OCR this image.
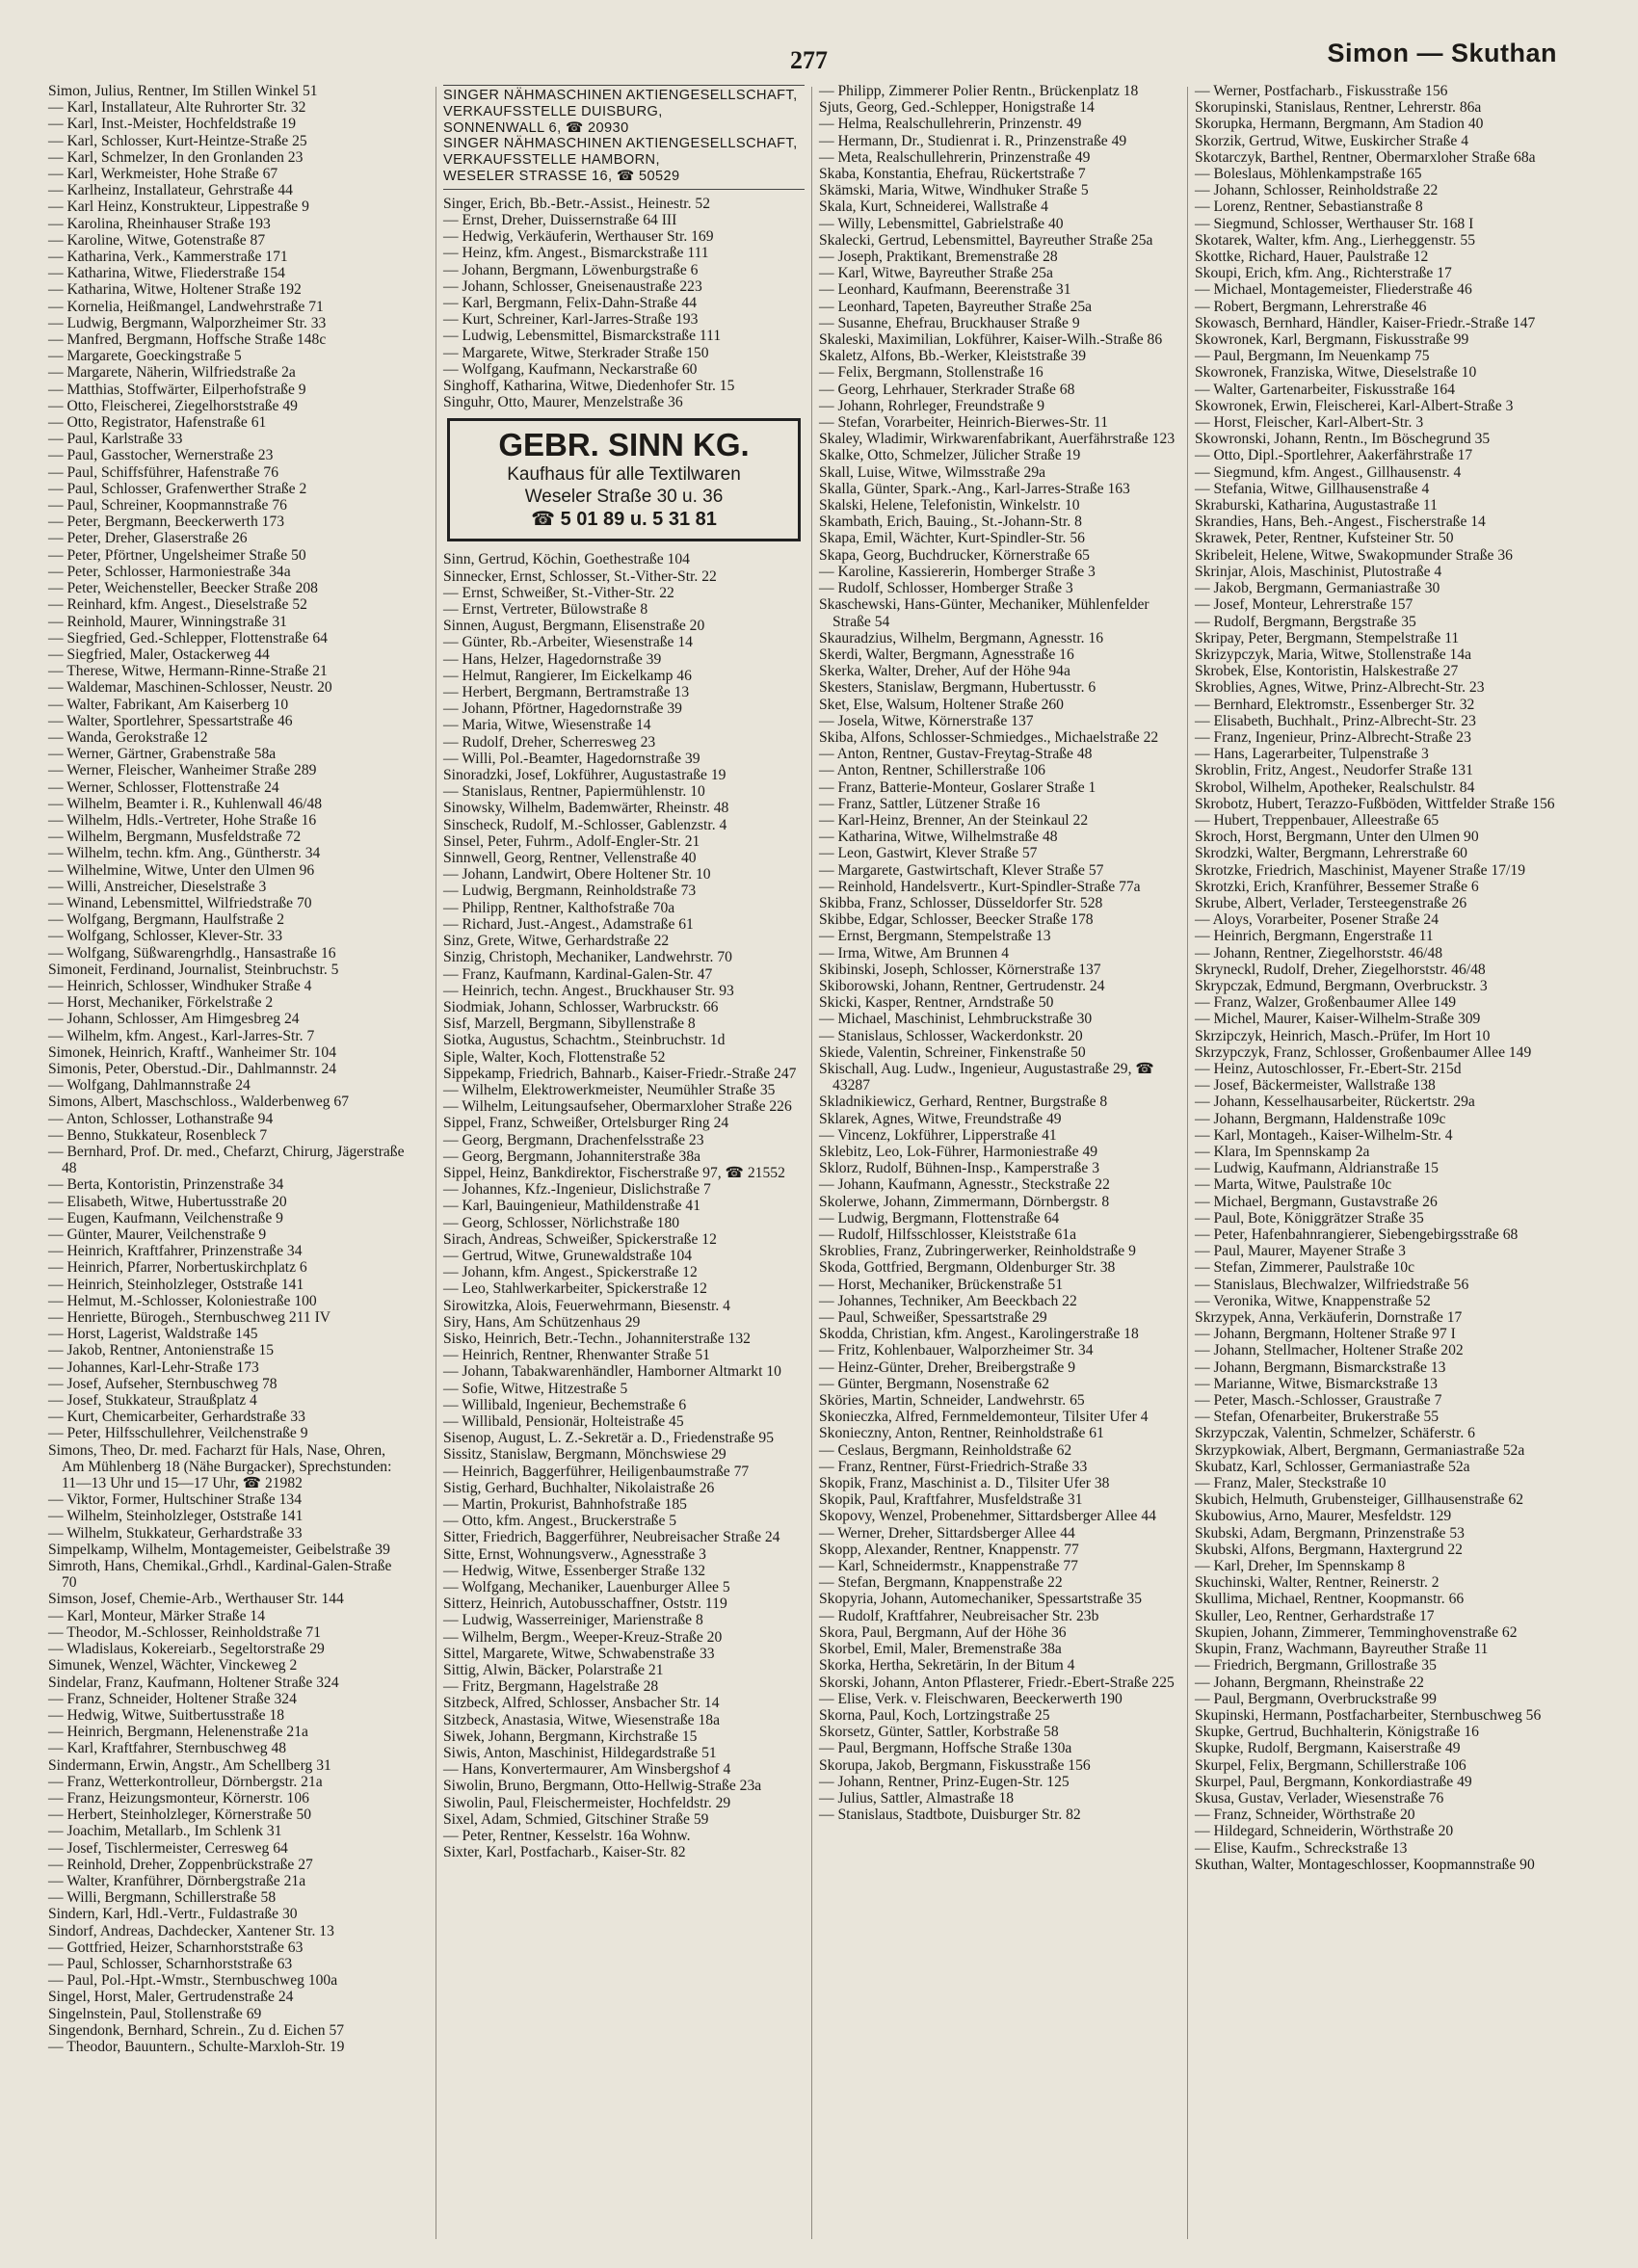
277	Simon — Skuthan
Simon, Julius, Rentner, Im Stillen Winkel 51
— Karl, Installateur, Alte Ruhrorter Str. 32
— Karl, Inst.-Meister, Hochfeldstraße 19
— Karl, Schlosser, Kurt-Heintze-Straße 25
— Karl, Schmelzer, In den Gronlanden 23
— Karl, Werkmeister, Hohe Straße 67
— Karlheinz, Installateur, Gehrstraße 44
— Karl Heinz, Konstrukteur, Lippestraße 9
— Karolina, Rheinhauser Straße 193
— Karoline, Witwe, Gotenstraße 87
— Katharina, Verk., Kammerstraße 171
— Katharina, Witwe, Fliederstraße 154
— Katharina, Witwe, Holtener Straße 192
— Kornelia, Heißmangel, Landwehrstraße 71
— Ludwig, Bergmann, Walporzheimer Str. 33
— Manfred, Bergmann, Hoffsche Straße 148c
— Margarete, Goeckingstraße 5
— Margarete, Näherin, Wilfriedstraße 2a
— Matthias, Stoffwärter, Eilperhofstraße 9
— Otto, Fleischerei, Ziegelhorststraße 49
— Otto, Registrator, Hafenstraße 61
— Paul, Karlstraße 33
— Paul, Gasstocher, Wernerstraße 23
— Paul, Schiffsführer, Hafenstraße 76
— Paul, Schlosser, Grafenwerther Straße 2
— Paul, Schreiner, Koopmannstraße 76
— Peter, Bergmann, Beeckerwerth 173
— Peter, Dreher, Glaserstraße 26
— Peter, Pförtner, Ungelsheimer Straße 50
— Peter, Schlosser, Harmoniestraße 34a
— Peter, Weichensteller, Beecker Straße 208
— Reinhard, kfm. Angest., Dieselstraße 52
— Reinhold, Maurer, Winningstraße 31
— Siegfried, Ged.-Schlepper, Flottenstraße 64
— Siegfried, Maler, Ostackerweg 44
— Therese, Witwe, Hermann-Rinne-Straße 21
— Waldemar, Maschinen-Schlosser, Neustr. 20
— Walter, Fabrikant, Am Kaiserberg 10
— Walter, Sportlehrer, Spessartstraße 46
— Wanda, Gerokstraße 12
— Werner, Gärtner, Grabenstraße 58a
— Werner, Fleischer, Wanheimer Straße 289
— Werner, Schlosser, Flottenstraße 24
— Wilhelm, Beamter i. R., Kuhlenwall 46/48
— Wilhelm, Hdls.-Vertreter, Hohe Straße 16
— Wilhelm, Bergmann, Musfeldstraße 72
— Wilhelm, techn. kfm. Ang., Güntherstr. 34
— Wilhelmine, Witwe, Unter den Ulmen 96
— Willi, Anstreicher, Dieselstraße 3
— Winand, Lebensmittel, Wilfriedstraße 70
— Wolfgang, Bergmann, Haulfstraße 2
— Wolfgang, Schlosser, Klever-Str. 33
— Wolfgang, Süßwarengrhdlg., Hansastraße 16
Simoneit, Ferdinand, Journalist, Steinbruchstr. 5
— Heinrich, Schlosser, Windhuker Straße 4
— Horst, Mechaniker, Förkelstraße 2
— Johann, Schlosser, Am Himgesbreg 24
— Wilhelm, kfm. Angest., Karl-Jarres-Str. 7
Simonek, Heinrich, Kraftf., Wanheimer Str. 104
Simonis, Peter, Oberstud.-Dir., Dahlmannstr. 24
— Wolfgang, Dahlmannstraße 24
Simons, Albert, Maschschloss., Walderbenweg 67
— Anton, Schlosser, Lothanstraße 94
— Benno, Stukkateur, Rosenbleck 7
— Bernhard, Prof. Dr. med., Chefarzt, Chirurg, Jägerstraße 48
— Berta, Kontoristin, Prinzenstraße 34
— Elisabeth, Witwe, Hubertusstraße 20
— Eugen, Kaufmann, Veilchenstraße 9
— Günter, Maurer, Veilchenstraße 9
— Heinrich, Kraftfahrer, Prinzenstraße 34
— Heinrich, Pfarrer, Norbertuskirchplatz 6
— Heinrich, Steinholzleger, Oststraße 141
— Helmut, M.-Schlosser, Koloniestraße 100
— Henriette, Bürogeh., Sternbuschweg 211 IV
— Horst, Lagerist, Waldstraße 145
— Jakob, Rentner, Antonienstraße 15
— Johannes, Karl-Lehr-Straße 173
— Josef, Aufseher, Sternbuschweg 78
— Josef, Stukkateur, Straußplatz 4
— Kurt, Chemicarbeiter, Gerhardstraße 33
— Peter, Hilfsschullehrer, Veilchenstraße 9
Simons, Theo, Dr. med. Facharzt für Hals, Nase, Ohren, Am Mühlenberg 18 (Nähe Burgacker), Sprechstunden: 11—13 Uhr und 15—17 Uhr, ☎ 21982
— Viktor, Former, Hultschiner Straße 134
— Wilhelm, Steinholzleger, Oststraße 141
— Wilhelm, Stukkateur, Gerhardstraße 33
Simpelkamp, Wilhelm, Montagemeister, Geibelstraße 39
Simroth, Hans, Chemikal.,Grhdl., Kardinal-Galen-Straße 70
Simson, Josef, Chemie-Arb., Werthauser Str. 144
— Karl, Monteur, Märker Straße 14
— Theodor, M.-Schlosser, Reinholdstraße 71
— Wladislaus, Kokereiarb., Segeltorstraße 29
Simunek, Wenzel, Wächter, Vinckeweg 2
Sindelar, Franz, Kaufmann, Holtener Straße 324
— Franz, Schneider, Holtener Straße 324
— Hedwig, Witwe, Suitbertusstraße 18
— Heinrich, Bergmann, Helenenstraße 21a
— Karl, Kraftfahrer, Sternbuschweg 48
Sindermann, Erwin, Angstr., Am Schellberg 31
— Franz, Wetterkontrolleur, Dörnbergstr. 21a
— Franz, Heizungsmonteur, Körnerstr. 106
— Herbert, Steinholzleger, Körnerstraße 50
— Joachim, Metallarb., Im Schlenk 31
— Josef, Tischlermeister, Cerresweg 64
— Reinhold, Dreher, Zoppenbrückstraße 27
— Walter, Kranführer, Dörnbergstraße 21a
— Willi, Bergmann, Schillerstraße 58
Sindern, Karl, Hdl.-Vertr., Fuldastraße 30
Sindorf, Andreas, Dachdecker, Xantener Str. 13
— Gottfried, Heizer, Scharnhorststraße 63
— Paul, Schlosser, Scharnhorststraße 63
— Paul, Pol.-Hpt.-Wmstr., Sternbuschweg 100a
Singel, Horst, Maler, Gertrudenstraße 24
Singelnstein, Paul, Stollenstraße 69
Singendonk, Bernhard, Schrein., Zu d. Eichen 57
— Theodor, Bauuntern., Schulte-Marxloh-Str. 19
SINGER NÄHMASCHINEN AKTIENGESELLSCHAFT,
VERKAUFSSTELLE DUISBURG,
SONNENWALL 6, ☎ 20930
SINGER NÄHMASCHINEN AKTIENGESELLSCHAFT,
VERKAUFSSTELLE HAMBORN,
WESELER STRASSE 16, ☎ 50529
Singer, Erich, Bb.-Betr.-Assist., Heinestr. 52
— Ernst, Dreher, Duissernstraße 64 III
— Hedwig, Verkäuferin, Werthauser Str. 169
— Heinz, kfm. Angest., Bismarckstraße 111
— Johann, Bergmann, Löwenburgstraße 6
— Johann, Schlosser, Gneisenaustraße 223
— Karl, Bergmann, Felix-Dahn-Straße 44
— Kurt, Schreiner, Karl-Jarres-Straße 193
— Ludwig, Lebensmittel, Bismarckstraße 111
— Margarete, Witwe, Sterkrader Straße 150
— Wolfgang, Kaufmann, Neckarstraße 60
Singhoff, Katharina, Witwe, Diedenhofer Str. 15
Singuhr, Otto, Maurer, Menzelstraße 36
GEBR. SINN KG.
Kaufhaus für alle Textilwaren
Weseler Straße 30 u. 36
☎ 5 01 89 u. 5 31 81
Sinn, Gertrud, Köchin, Goethestraße 104
Sinnecker, Ernst, Schlosser, St.-Vither-Str. 22
— Ernst, Schweißer, St.-Vither-Str. 22
— Ernst, Vertreter, Bülowstraße 8
Sinnen, August, Bergmann, Elisenstraße 20
— Günter, Rb.-Arbeiter, Wiesenstraße 14
— Hans, Helzer, Hagedornstraße 39
— Helmut, Rangierer, Im Eickelkamp 46
— Herbert, Bergmann, Bertramstraße 13
— Johann, Pförtner, Hagedornstraße 39
— Maria, Witwe, Wiesenstraße 14
— Rudolf, Dreher, Scherresweg 23
— Willi, Pol.-Beamter, Hagedornstraße 39
Sinoradzki, Josef, Lokführer, Augustastraße 19
— Stanislaus, Rentner, Papiermühlenstr. 10
Sinowsky, Wilhelm, Bademwärter, Rheinstr. 48
Sinscheck, Rudolf, M.-Schlosser, Gablenzstr. 4
Sinsel, Peter, Fuhrm., Adolf-Engler-Str. 21
Sinnwell, Georg, Rentner, Vellenstraße 40
— Johann, Landwirt, Obere Holtener Str. 10
— Ludwig, Bergmann, Reinholdstraße 73
— Philipp, Rentner, Kalthofstraße 70a
— Richard, Just.-Angest., Adamstraße 61
Sinz, Grete, Witwe, Gerhardstraße 22
Sinzig, Christoph, Mechaniker, Landwehrstr. 70
— Franz, Kaufmann, Kardinal-Galen-Str. 47
— Heinrich, techn. Angest., Bruckhauser Str. 93
Siodmiak, Johann, Schlosser, Warbruckstr. 66
Sisf, Marzell, Bergmann, Sibyllenstraße 8
Siotka, Augustus, Schachtm., Steinbruchstr. 1d
Siple, Walter, Koch, Flottenstraße 52
Sippekamp, Friedrich, Bahnarb., Kaiser-Friedr.-Straße 247
— Wilhelm, Elektrowerkmeister, Neumühler Straße 35
— Wilhelm, Leitungsaufseher, Obermarxloher Straße 226
Sippel, Franz, Schweißer, Ortelsburger Ring 24
— Georg, Bergmann, Drachenfelsstraße 23
— Georg, Bergmann, Johanniterstraße 38a
Sippel, Heinz, Bankdirektor, Fischerstraße 97, ☎ 21552
— Johannes, Kfz.-Ingenieur, Dislichstraße 7
— Karl, Bauingenieur, Mathildenstraße 41
— Georg, Schlosser, Nörlichstraße 180
Sirach, Andreas, Schweißer, Spickerstraße 12
— Gertrud, Witwe, Grunewaldstraße 104
— Johann, kfm. Angest., Spickerstraße 12
— Leo, Stahlwerkarbeiter, Spickerstraße 12
Sirowitzka, Alois, Feuerwehrmann, Biesenstr. 4
Siry, Hans, Am Schützenhaus 29
Sisko, Heinrich, Betr.-Techn., Johanniterstraße 132
— Heinrich, Rentner, Rhenwanter Straße 51
— Johann, Tabakwarenhändler, Hamborner Altmarkt 10
— Sofie, Witwe, Hitzestraße 5
— Willibald, Ingenieur, Bechemstraße 6
— Willibald, Pensionär, Holteistraße 45
Sisenop, August, L. Z.-Sekretär a. D., Friedenstraße 95
Sissitz, Stanislaw, Bergmann, Mönchswiese 29
— Heinrich, Baggerführer, Heiligenbaumstraße 77
Sistig, Gerhard, Buchhalter, Nikolaistraße 26
— Martin, Prokurist, Bahnhofstraße 185
— Otto, kfm. Angest., Bruckerstraße 5
Sitter, Friedrich, Baggerführer, Neubreisacher Straße 24
Sitte, Ernst, Wohnungsverw., Agnesstraße 3
— Hedwig, Witwe, Essenberger Straße 132
— Wolfgang, Mechaniker, Lauenburger Allee 5
Sitterz, Heinrich, Autobusschaffner, Oststr. 119
— Ludwig, Wasserreiniger, Marienstraße 8
— Wilhelm, Bergm., Weeper-Kreuz-Straße 20
Sittel, Margarete, Witwe, Schwabenstraße 33
Sittig, Alwin, Bäcker, Polarstraße 21
— Fritz, Bergmann, Hagelstraße 28
Sitzbeck, Alfred, Schlosser, Ansbacher Str. 14
Sitzbeck, Anastasia, Witwe, Wiesenstraße 18a
Siwek, Johann, Bergmann, Kirchstraße 15
Siwis, Anton, Maschinist, Hildegardstraße 51
— Hans, Konvertermaurer, Am Winsbergshof 4
Siwolin, Bruno, Bergmann, Otto-Hellwig-Straße 23a
Siwolin, Paul, Fleischermeister, Hochfeldstr. 29
Sixel, Adam, Schmied, Gitschiner Straße 59
— Peter, Rentner, Kesselstr. 16a Wohnw.
Sixter, Karl, Postfacharb., Kaiser-Str. 82
— Philipp, Zimmerer Polier Rentn., Brückenplatz 18
Sjuts, Georg, Ged.-Schlepper, Honigstraße 14
— Helma, Realschullehrerin, Prinzenstr. 49
— Hermann, Dr., Studienrat i. R., Prinzenstraße 49
— Meta, Realschullehrerin, Prinzenstraße 49
Skaba, Konstantia, Ehefrau, Rückertstraße 7
Skämski, Maria, Witwe, Windhuker Straße 5
Skala, Kurt, Schneiderei, Wallstraße 4
— Willy, Lebensmittel, Gabrielstraße 40
Skalecki, Gertrud, Lebensmittel, Bayreuther Straße 25a
— Joseph, Praktikant, Bremenstraße 28
— Karl, Witwe, Bayreuther Straße 25a
— Leonhard, Kaufmann, Beerenstraße 31
— Leonhard, Tapeten, Bayreuther Straße 25a
— Susanne, Ehefrau, Bruckhauser Straße 9
Skaleski, Maximilian, Lokführer, Kaiser-Wilh.-Straße 86
Skaletz, Alfons, Bb.-Werker, Kleiststraße 39
— Felix, Bergmann, Stollenstraße 16
— Georg, Lehrhauer, Sterkrader Straße 68
— Johann, Rohrleger, Freundstraße 9
— Stefan, Vorarbeiter, Heinrich-Bierwes-Str. 11
Skaley, Wladimir, Wirkwarenfabrikant, Auerfährstraße 123
Skalke, Otto, Schmelzer, Jülicher Straße 19
Skall, Luise, Witwe, Wilmsstraße 29a
Skalla, Günter, Spark.-Ang., Karl-Jarres-Straße 163
Skalski, Helene, Telefonistin, Winkelstr. 10
Skambath, Erich, Bauing., St.-Johann-Str. 8
Skapa, Emil, Wächter, Kurt-Spindler-Str. 56
Skapa, Georg, Buchdrucker, Körnerstraße 65
— Karoline, Kassiererin, Homberger Straße 3
— Rudolf, Schlosser, Homberger Straße 3
Skaschewski, Hans-Günter, Mechaniker, Mühlenfelder Straße 54
Skauradzius, Wilhelm, Bergmann, Agnesstr. 16
Skerdi, Walter, Bergmann, Agnesstraße 16
Skerka, Walter, Dreher, Auf der Höhe 94a
Skesters, Stanislaw, Bergmann, Hubertusstr. 6
Sket, Else, Walsum, Holtener Straße 260
— Josela, Witwe, Körnerstraße 137
Skiba, Alfons, Schlosser-Schmiedges., Michaelstraße 22
— Anton, Rentner, Gustav-Freytag-Straße 48
— Anton, Rentner, Schillerstraße 106
— Franz, Batterie-Monteur, Goslarer Straße 1
— Franz, Sattler, Lützener Straße 16
— Karl-Heinz, Brenner, An der Steinkaul 22
— Katharina, Witwe, Wilhelmstraße 48
— Leon, Gastwirt, Klever Straße 57
— Margarete, Gastwirtschaft, Klever Straße 57
— Reinhold, Handelsvertr., Kurt-Spindler-Straße 77a
Skibba, Franz, Schlosser, Düsseldorfer Str. 528
Skibbe, Edgar, Schlosser, Beecker Straße 178
— Ernst, Bergmann, Stempelstraße 13
— Irma, Witwe, Am Brunnen 4
Skibinski, Joseph, Schlosser, Körnerstraße 137
Skiborowski, Johann, Rentner, Gertrudenstr. 24
Skicki, Kasper, Rentner, Arndstraße 50
— Michael, Maschinist, Lehmbruckstraße 30
— Stanislaus, Schlosser, Wackerdonkstr. 20
Skiede, Valentin, Schreiner, Finkenstraße 50
Skischall, Aug. Ludw., Ingenieur, Augustastraße 29, ☎ 43287
Skladnikiewicz, Gerhard, Rentner, Burgstraße 8
Sklarek, Agnes, Witwe, Freundstraße 49
— Vincenz, Lokführer, Lipperstraße 41
Sklebitz, Leo, Lok-Führer, Harmoniestraße 49
Sklorz, Rudolf, Bühnen-Insp., Kamperstraße 3
— Johann, Kaufmann, Agnesstr., Steckstraße 22
Skolerwe, Johann, Zimmermann, Dörnbergstr. 8
— Ludwig, Bergmann, Flottenstraße 64
— Rudolf, Hilfsschlosser, Kleiststraße 61a
Skroblies, Franz, Zubringerwerker, Reinholdstraße 9
Skoda, Gottfried, Bergmann, Oldenburger Str. 38
— Horst, Mechaniker, Brückenstraße 51
— Johannes, Techniker, Am Beeckbach 22
— Paul, Schweißer, Spessartstraße 29
Skodda, Christian, kfm. Angest., Karolingerstraße 18
— Fritz, Kohlenbauer, Walporzheimer Str. 34
— Heinz-Günter, Dreher, Breibergstraße 9
— Günter, Bergmann, Nosenstraße 62
Sköries, Martin, Schneider, Landwehrstr. 65
Skonieczka, Alfred, Fernmeldemonteur, Tilsiter Ufer 4
Skonieczny, Anton, Rentner, Reinholdstraße 61
— Ceslaus, Bergmann, Reinholdstraße 62
— Franz, Rentner, Fürst-Friedrich-Straße 33
Skopik, Franz, Maschinist a. D., Tilsiter Ufer 38
Skopik, Paul, Kraftfahrer, Musfeldstraße 31
Skopovy, Wenzel, Probenehmer, Sittardsberger Allee 44
— Werner, Dreher, Sittardsberger Allee 44
Skopp, Alexander, Rentner, Knappenstr. 77
— Karl, Schneidermstr., Knappenstraße 77
— Stefan, Bergmann, Knappenstraße 22
Skopyria, Johann, Automechaniker, Spessartstraße 35
— Rudolf, Kraftfahrer, Neubreisacher Str. 23b
Skora, Paul, Bergmann, Auf der Höhe 36
Skorbel, Emil, Maler, Bremenstraße 38a
Skorka, Hertha, Sekretärin, In der Bitum 4
Skorski, Johann, Anton Pflasterer, Friedr.-Ebert-Straße 225
— Elise, Verk. v. Fleischwaren, Beeckerwerth 190
Skorna, Paul, Koch, Lortzingstraße 25
Skorsetz, Günter, Sattler, Korbstraße 58
— Paul, Bergmann, Hoffsche Straße 130a
Skorupa, Jakob, Bergmann, Fiskusstraße 156
— Johann, Rentner, Prinz-Eugen-Str. 125
— Julius, Sattler, Almastraße 18
— Stanislaus, Stadtbote, Duisburger Str. 82
— Werner, Postfacharb., Fiskusstraße 156
Skorupinski, Stanislaus, Rentner, Lehrerstr. 86a
Skorupka, Hermann, Bergmann, Am Stadion 40
Skorzik, Gertrud, Witwe, Euskircher Straße 4
Skotarczyk, Barthel, Rentner, Obermarxloher Straße 68a
— Boleslaus, Möhlenkampstraße 165
— Johann, Schlosser, Reinholdstraße 22
— Lorenz, Rentner, Sebastianstraße 8
— Siegmund, Schlosser, Werthauser Str. 168 I
Skotarek, Walter, kfm. Ang., Lierheggenstr. 55
Skottke, Richard, Hauer, Paulstraße 12
Skoupi, Erich, kfm. Ang., Richterstraße 17
— Michael, Montagemeister, Fliederstraße 46
— Robert, Bergmann, Lehrerstraße 46
Skowasch, Bernhard, Händler, Kaiser-Friedr.-Straße 147
Skowronek, Karl, Bergmann, Fiskusstraße 99
— Paul, Bergmann, Im Neuenkamp 75
Skowronek, Franziska, Witwe, Dieselstraße 10
— Walter, Gartenarbeiter, Fiskusstraße 164
Skowronek, Erwin, Fleischerei, Karl-Albert-Straße 3
— Horst, Fleischer, Karl-Albert-Str. 3
Skowronski, Johann, Rentn., Im Böschegrund 35
— Otto, Dipl.-Sportlehrer, Aakerfährstraße 17
— Siegmund, kfm. Angest., Gillhausenstr. 4
— Stefania, Witwe, Gillhausenstraße 4
Skraburski, Katharina, Augustastraße 11
Skrandies, Hans, Beh.-Angest., Fischerstraße 14
Skrawek, Peter, Rentner, Kufsteiner Str. 50
Skribeleit, Helene, Witwe, Swakopmunder Straße 36
Skrinjar, Alois, Maschinist, Plutostraße 4
— Jakob, Bergmann, Germaniastraße 30
— Josef, Monteur, Lehrerstraße 157
— Rudolf, Bergmann, Bergstraße 35
Skripay, Peter, Bergmann, Stempelstraße 11
Skrizypczyk, Maria, Witwe, Stollenstraße 14a
Skrobek, Else, Kontoristin, Halskestraße 27
Skroblies, Agnes, Witwe, Prinz-Albrecht-Str. 23
— Bernhard, Elektromstr., Essenberger Str. 32
— Elisabeth, Buchhalt., Prinz-Albrecht-Str. 23
— Franz, Ingenieur, Prinz-Albrecht-Straße 23
— Hans, Lagerarbeiter, Tulpenstraße 3
Skroblin, Fritz, Angest., Neudorfer Straße 131
Skrobol, Wilhelm, Apotheker, Realschulstr. 84
Skrobotz, Hubert, Terazzo-Fußböden, Wittfelder Straße 156
— Hubert, Treppenbauer, Alleestraße 65
Skroch, Horst, Bergmann, Unter den Ulmen 90
Skrodzki, Walter, Bergmann, Lehrerstraße 60
Skrotzke, Friedrich, Maschinist, Mayener Straße 17/19
Skrotzki, Erich, Kranführer, Bessemer Straße 6
Skrube, Albert, Verlader, Tersteegenstraße 26
— Aloys, Vorarbeiter, Posener Straße 24
— Heinrich, Bergmann, Engerstraße 11
— Johann, Rentner, Ziegelhorststr. 46/48
Skryneckl, Rudolf, Dreher, Ziegelhorststr. 46/48
Skrypczak, Edmund, Bergmann, Overbruckstr. 3
— Franz, Walzer, Großenbaumer Allee 149
— Michel, Maurer, Kaiser-Wilhelm-Straße 309
Skrzipczyk, Heinrich, Masch.-Prüfer, Im Hort 10
Skrzypczyk, Franz, Schlosser, Großenbaumer Allee 149
— Heinz, Autoschlosser, Fr.-Ebert-Str. 215d
— Josef, Bäckermeister, Wallstraße 138
— Johann, Kesselhausarbeiter, Rückertstr. 29a
— Johann, Bergmann, Haldenstraße 109c
— Karl, Montageh., Kaiser-Wilhelm-Str. 4
— Klara, Im Spennskamp 2a
— Ludwig, Kaufmann, Aldrianstraße 15
— Marta, Witwe, Paulstraße 10c
— Michael, Bergmann, Gustavstraße 26
— Paul, Bote, Königgrätzer Straße 35
— Peter, Hafenbahnrangierer, Siebengebirgsstraße 68
— Paul, Maurer, Mayener Straße 3
— Stefan, Zimmerer, Paulstraße 10c
— Stanislaus, Blechwalzer, Wilfriedstraße 56
— Veronika, Witwe, Knappenstraße 52
Skrzypek, Anna, Verkäuferin, Dornstraße 17
— Johann, Bergmann, Holtener Straße 97 I
— Johann, Stellmacher, Holtener Straße 202
— Johann, Bergmann, Bismarckstraße 13
— Marianne, Witwe, Bismarckstraße 13
— Peter, Masch.-Schlosser, Graustraße 7
— Stefan, Ofenarbeiter, Brukerstraße 55
Skrzypczak, Valentin, Schmelzer, Schäferstr. 6
Skrzypkowiak, Albert, Bergmann, Germaniastraße 52a
Skubatz, Karl, Schlosser, Germaniastraße 52a
— Franz, Maler, Steckstraße 10
Skubich, Helmuth, Grubensteiger, Gillhausenstraße 62
Skubowius, Arno, Maurer, Mesfeldstr. 129
Skubski, Adam, Bergmann, Prinzenstraße 53
Skubski, Alfons, Bergmann, Haxtergrund 22
— Karl, Dreher, Im Spennskamp 8
Skuchinski, Walter, Rentner, Reinerstr. 2
Skullima, Michael, Rentner, Koopmanstr. 66
Skuller, Leo, Rentner, Gerhardstraße 17
Skupien, Johann, Zimmerer, Temminghovenstraße 62
Skupin, Franz, Wachmann, Bayreuther Straße 11
— Friedrich, Bergmann, Grillostraße 35
— Johann, Bergmann, Rheinstraße 22
— Paul, Bergmann, Overbruckstraße 99
Skupinski, Hermann, Postfacharbeiter, Sternbuschweg 56
Skupke, Gertrud, Buchhalterin, Königstraße 16
Skupke, Rudolf, Bergmann, Kaiserstraße 49
Skurpel, Felix, Bergmann, Schillerstraße 106
Skurpel, Paul, Bergmann, Konkordiastraße 49
Skusa, Gustav, Verlader, Wiesenstraße 76
— Franz, Schneider, Wörthstraße 20
— Hildegard, Schneiderin, Wörthstraße 20
— Elise, Kaufm., Schreckstraße 13
Skuthan, Walter, Montageschlosser, Koopmannstraße 90
